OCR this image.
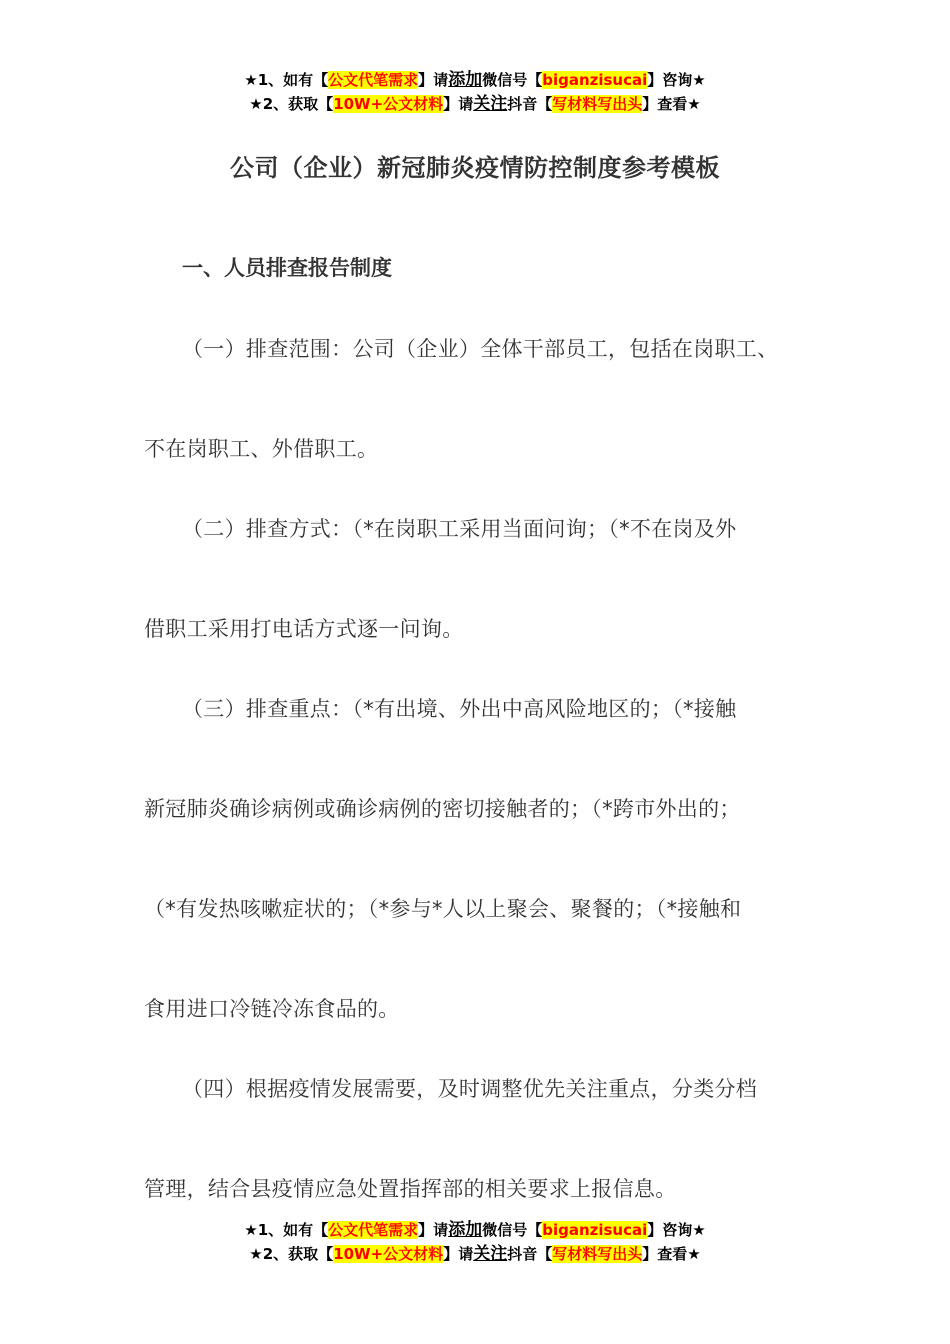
★1、如有【公文代笔需求】请添加微信号【biganzisucai】咨询★
★2、获取【10W+公文材料】请关注抖音【写材料写出头】查看★
公司（企业）新冠肺炎疫情防控制度参考模板
一、人员排查报告制度
（一）排查范围：公司（企业）全体干部员工，包括在岗职工、
不在岗职工、外借职工。
（二）排查方式：（*在岗职工采用当面问询；（*不在岗及外
借职工采用打电话方式逐一问询。
（三）排查重点：（*有出境、外出中高风险地区的；（*接触
新冠肺炎确诊病例或确诊病例的密切接触者的；（*跨市外出的；
（*有发热咳嗽症状的；（*参与*人以上聚会、聚餐的；（*接触和
食用进口冷链冷冻食品的。
（四）根据疫情发展需要，及时调整优先关注重点，分类分档
管理，结合县疫情应急处置指挥部的相关要求上报信息。
★1、如有【公文代笔需求】请添加微信号【biganzisucai】咨询★
★2、获取【10W+公文材料】请关注抖音【写材料写出头】查看★
